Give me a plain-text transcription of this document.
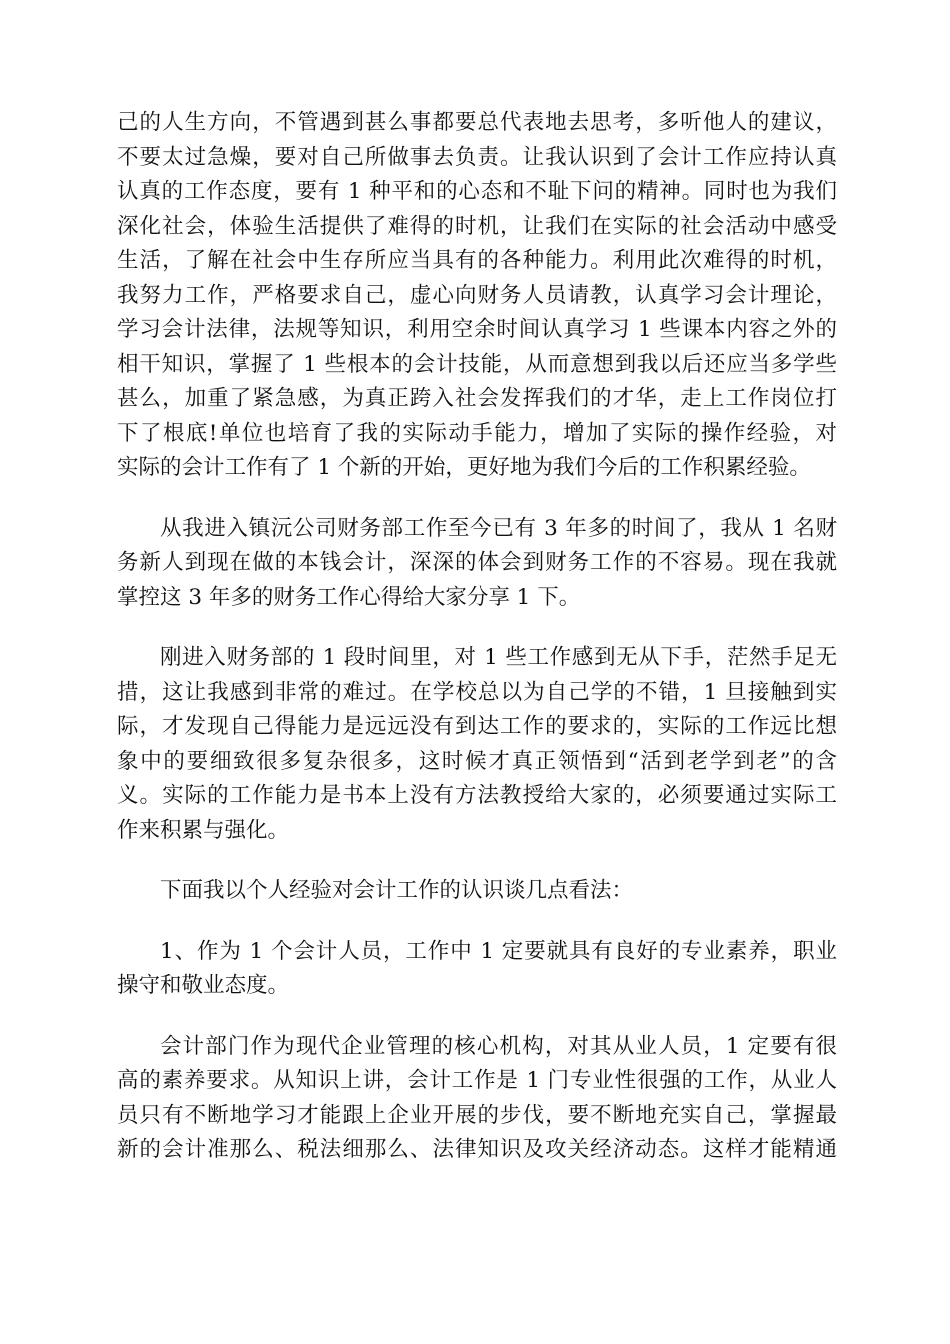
己的人生方向，不管遇到甚么事都要总代表地去思考，多听他人的建议，
不要太过急燥，要对自己所做事去负责。让我认识到了会计工作应持认真
认真的工作态度，要有 1 种平和的心态和不耻下问的精神。同时也为我们
深化社会，体验生活提供了难得的时机，让我们在实际的社会活动中感受
生活，了解在社会中生存所应当具有的各种能力。利用此次难得的时机，
我努力工作，严格要求自己，虚心向财务人员请教，认真学习会计理论，
学习会计法律，法规等知识，利用空余时间认真学习 1 些课本内容之外的
相干知识，掌握了 1 些根本的会计技能，从而意想到我以后还应当多学些
甚么，加重了紧急感，为真正跨入社会发挥我们的才华，走上工作岗位打
下了根底!单位也培育了我的实际动手能力，增加了实际的操作经验，对
实际的会计工作有了 1 个新的开始，更好地为我们今后的工作积累经验。
从我进入镇沅公司财务部工作至今已有 3 年多的时间了，我从 1 名财
务新人到现在做的本钱会计，深深的体会到财务工作的不容易。现在我就
掌控这 3 年多的财务工作心得给大家分享 1 下。
刚进入财务部的 1 段时间里，对 1 些工作感到无从下手，茫然手足无
措，这让我感到非常的难过。在学校总以为自己学的不错，1 旦接触到实
际，才发现自己得能力是远远没有到达工作的要求的，实际的工作远比想
象中的要细致很多复杂很多，这时候才真正领悟到“活到老学到老”的含
义。实际的工作能力是书本上没有方法教授给大家的，必须要通过实际工
作来积累与强化。
下面我以个人经验对会计工作的认识谈几点看法：
1、作为 1 个会计人员，工作中 1 定要就具有良好的专业素养，职业
操守和敬业态度。
会计部门作为现代企业管理的核心机构，对其从业人员，1 定要有很
高的素养要求。从知识上讲，会计工作是 1 门专业性很强的工作，从业人
员只有不断地学习才能跟上企业开展的步伐，要不断地充实自己，掌握最
新的会计准那么、税法细那么、法律知识及攻关经济动态。这样才能精通
